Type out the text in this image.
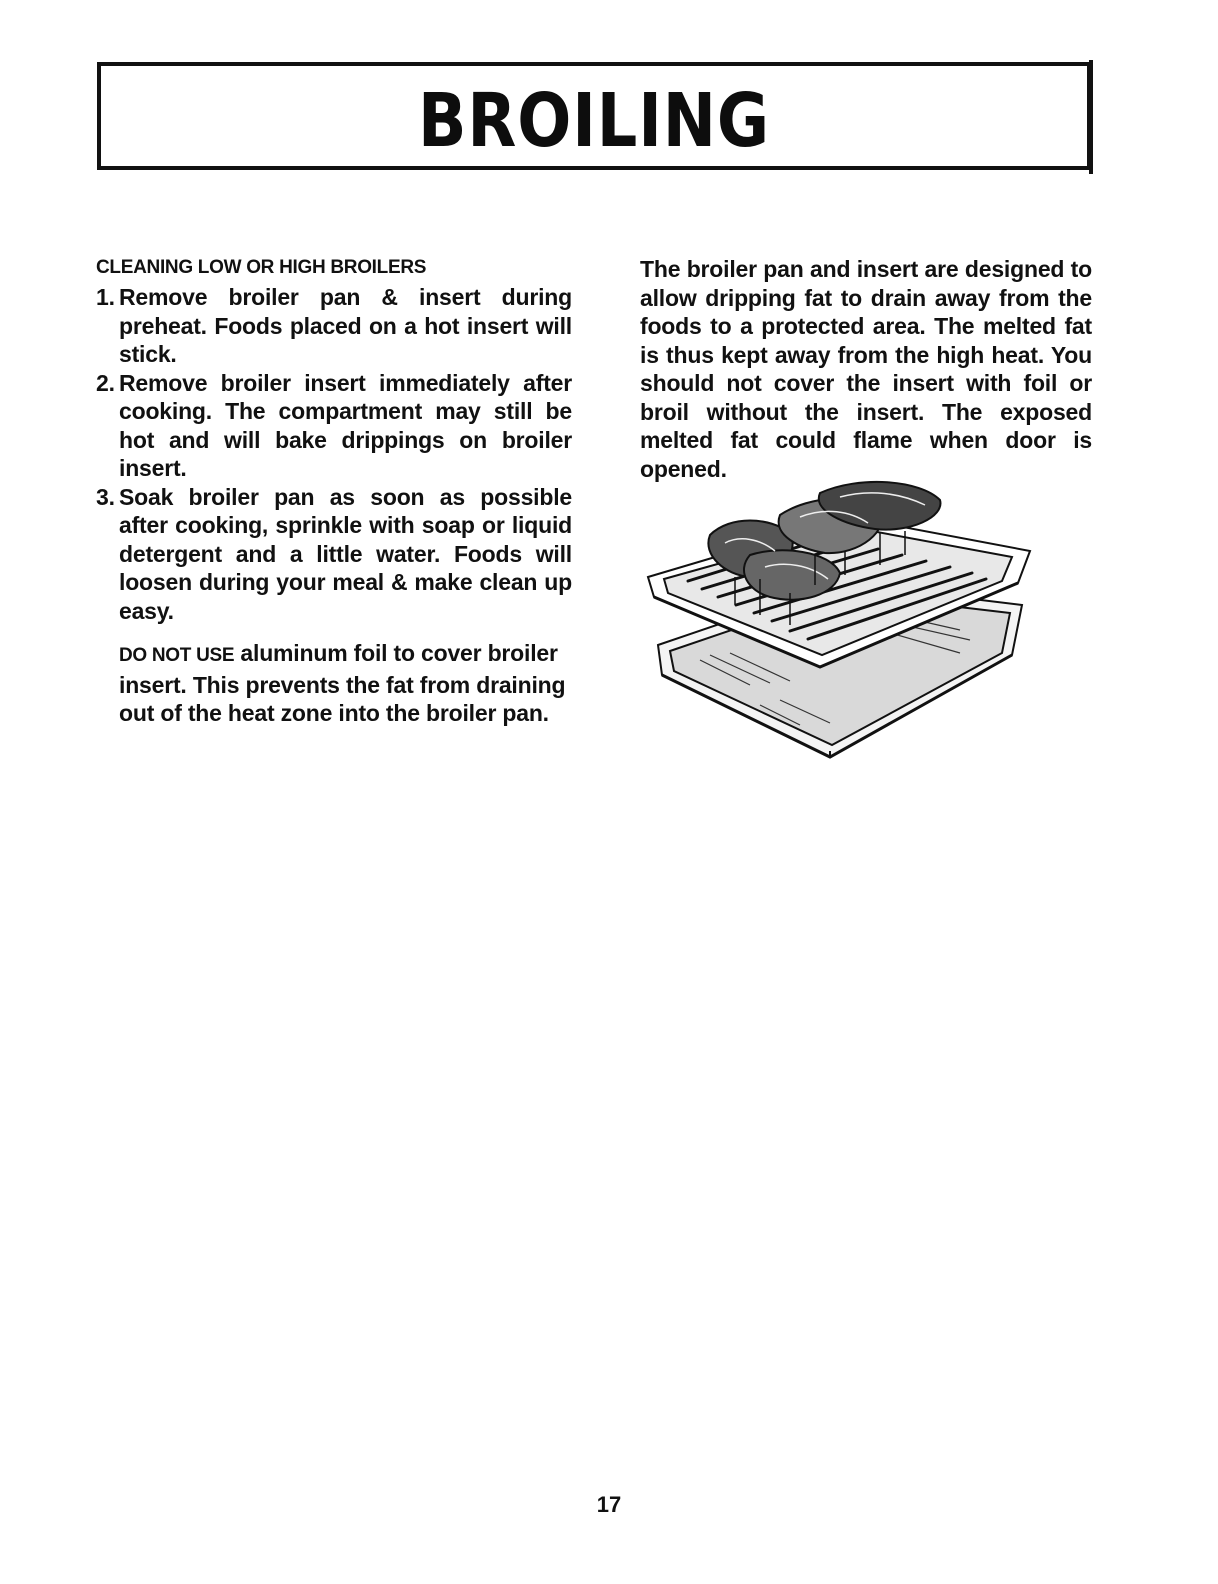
BROILING
CLEANING LOW OR HIGH BROILERS
1. Remove broiler pan & insert during preheat. Foods placed on a hot insert will stick.
2. Remove broiler insert immediately after cooking. The compartment may still be hot and will bake drippings on broiler insert.
3. Soak broiler pan as soon as possible after cooking, sprinkle with soap or liquid detergent and a little water. Foods will loosen during your meal & make clean up easy.
DO NOT USE aluminum foil to cover broiler insert. This prevents the fat from draining out of the heat zone into the broiler pan.
The broiler pan and insert are designed to allow dripping fat to drain away from the foods to a protected area. The melted fat is thus kept away from the high heat. You should not cover the insert with foil or broil without the insert. The exposed melted fat could flame when door is opened.
17
